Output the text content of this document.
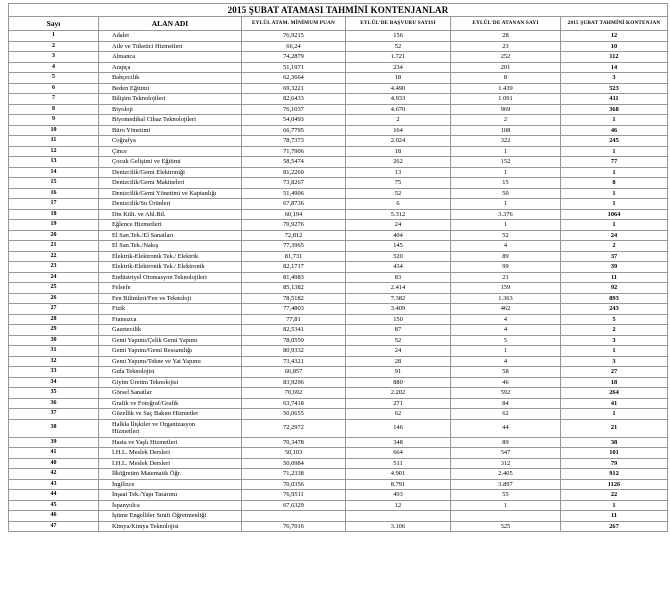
2015 ŞUBAT ATAMASI TAHMİNİ KONTENJANLAR					
Sayı	ALAN ADI	EYLÜL ATAM. MİNİMUM PUAN	EYLÜL'DE BAŞVURU SAYISI	EYLÜL'DE ATANAN SAYI	2015 ŞUBAT TAHMİNİ KONTENJAN
1	Adalet	76,9215	156	28	12
2	Aile ve Tüketici Hizmetleri	66,24	52	23	10
3	Almanca	74,2879	1.721	252	112
4	Arapça	51,1971	234	201	14
5	Bahçecilik	62,3664	18	8	3
6	Beden Eğitimi	69,3221	4.490	1.439	523
7	Bilişim Teknolojileri	82,6433	4.933	1.091	411
8	Biyoloji	76,1037	4.670	969	368
9	Biyomedikal Cihaz Teknolojileri	54,0493	2	2	1
10	Büro Yönetimi	66,7795	164	108	46
11	Coğrafya	78,7373	2.024	322	245
12	Çince	71,7906	18	1	1
13	Çocuk Gelişimi ve Eğitimi	58,5474	262	152	77
14	Denizcilik/Gemi Elektroniği	81,2269	13	1	1
15	Denizcilik/Gemi Makineleri	73,8267	75	15	8
16	Denizcilik/Gemi Yönetimi ve Kaptanlığı	51,4906	52	50	1
17	Denizcilik/Su Ürünleri	67,8736	6	1	1
18	Din Kült. ve Ahl.Bil.	60,194	5.312	3.376	1064
19	Eğlence Hizmetleri	70,9276	24	1	1
20	El San.Tek./El Sanatları	72,812	404	52	24
21	El San.Tek./Nakış	77,3965	145	4	2
22	Elektrik-Elektronik Tek./ Elektrik	81,731	520	89	37
23	Elektrik-Elektronik Tek./ Elektronik	82,1717	434	99	39
24	Endüstriyel Otomasyon Teknolojileri	81,4983	83	21	11
25	Felsefe	85,1382	2.414	159	92
26	Fen Bilimleri/Fen ve Teknoloji	78,5182	7.382	1.363	893
27	Fizik	77,4803	3.409	462	243
28	Fransızca	77,81	150	4	5
29	Gazetecilik	82,5341	87	4	2
30	Gemi Yapımı/Çelik Gemi Yapımı	78,0559	52	5	3
31	Gemi Yapımı/Gemi Ressamlığı	80,9332	24	1	1
32	Gemi Yapımı/Tekne ve Yat Yapımı	73,4321	28	4	3
33	Gıda Teknolojisi	66,857	91	58	27
34	Giyim Üretim Teknolojisi	83,9296	880	46	18
35	Görsel Sanatlar	70,692	2.202	592	264
36	Grafik ve Fotoğraf/Grafik	63,7418	271	84	41
37	Güzellik ve Saç Bakım Hizmetler	50,0655	62	62	1
38	Halkla İlişkiler ve Organizasyon Hizmetleri	72,2972	146	44	21
39	Hasta ve Yaşlı Hizmetleri	70,3478	348	89	38
41	İ.H.L. Meslek Dersleri	50,103	664	547	101
40	İ.H.L. Meslek Dersleri	50,0984	511	312	79
42	İlköğretim Matematik Öğr.	71,2338	4.901	2.405	912
43	İngilizce	70,0356	8.791	3.897	1126
44	İnşaat Tek./Yapı Tasarımı	76,9511	493	55	22
45	İspanyolca	67,6329	12	1	1
46	İşitme Engelliler Sınıfı Öğretmenliği				11
47	Kimya/Kimya Teknolojisi	76,7016	3.106	525	267
